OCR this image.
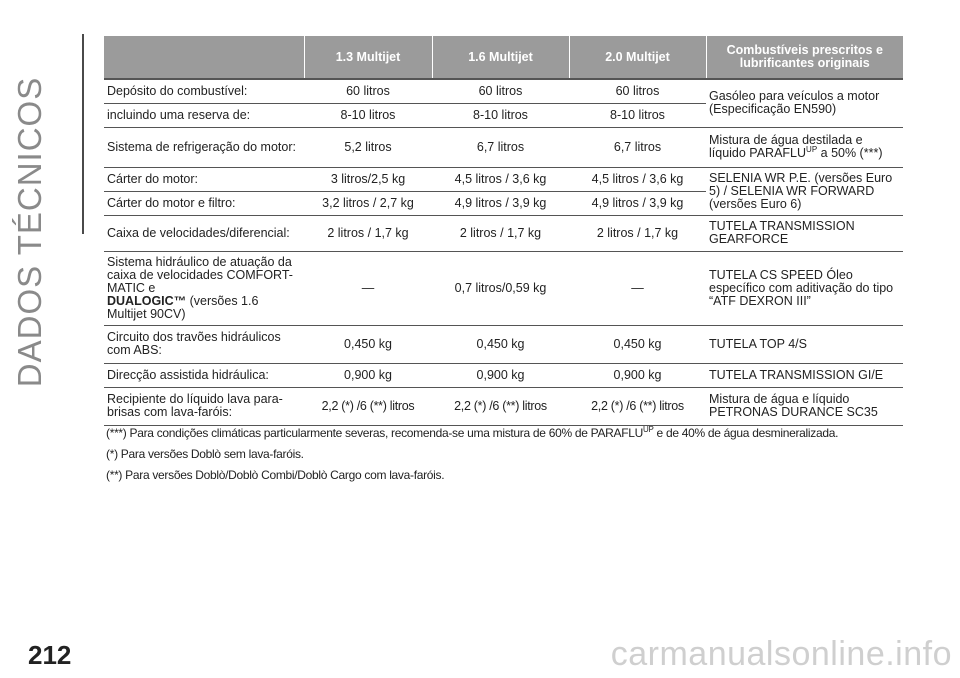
DADOS TÉCNICOS
212
	1.3 Multijet	1.6 Multijet	2.0 Multijet	Combustíveis prescritos e lubrificantes originais
Depósito do combustível:	60 litros	60 litros	60 litros	Gasóleo para veículos a motor (Especificação EN590)
incluindo uma reserva de:	8-10 litros	8-10 litros	8-10 litros	
Sistema de refrigeração do motor:	5,2 litros	6,7 litros	6,7 litros	Mistura de água destilada e líquido $PARAFLU^{UP}$ a 50% (***)
Cárter do motor:	3 litros/2,5 kg	4,5 litros / 3,6 kg	4,5 litros / 3,6 kg	SELENIA WR P.E. (versões Euro 5) / SELENIA WR FORWARD (versões Euro 6)
Cárter do motor e filtro:	3,2 litros / 2,7 kg	4,9 litros / 3,9 kg	4,9 litros / 3,9 kg	
Caixa de velocidades/diferencial:	2 litros / 1,7 kg	2 litros / 1,7 kg	2 litros / 1,7 kg	TUTELA TRANSMISSION GEARFORCE
Sistema hidráulico de atuação da caixa de velocidades COMFORT-MATIC e
DUALOGIC™ (versões 1.6 Multijet 90CV)	—	0,7 litros/0,59 kg	—	TUTELA CS SPEED Óleo específico com aditivação do tipo “ATF DEXRON III”
Circuito dos travões hidráulicos com ABS:	0,450 kg	0,450 kg	0,450 kg	TUTELA TOP 4/S
Direcção assistida hidráulica:	0,900 kg	0,900 kg	0,900 kg	TUTELA TRANSMISSION GI/E
Recipiente do líquido lava para-brisas com lava-faróis:	2,2 (*) /6 (**) litros	2,2 (*) /6 (**) litros	2,2 (*) /6 (**) litros	Mistura de água e líquido PETRONAS DURANCE SC35

(***) Para condições climáticas particularmente severas, recomenda-se uma mistura de 60% de $PARAFLU^{UP}$ e de 40% de água desmineralizada.

(*) Para versões Doblò sem lava-faróis.

(**) Para versões Doblò/Doblò Combi/Doblò Cargo com lava-faróis.

carmanualsonline.info
